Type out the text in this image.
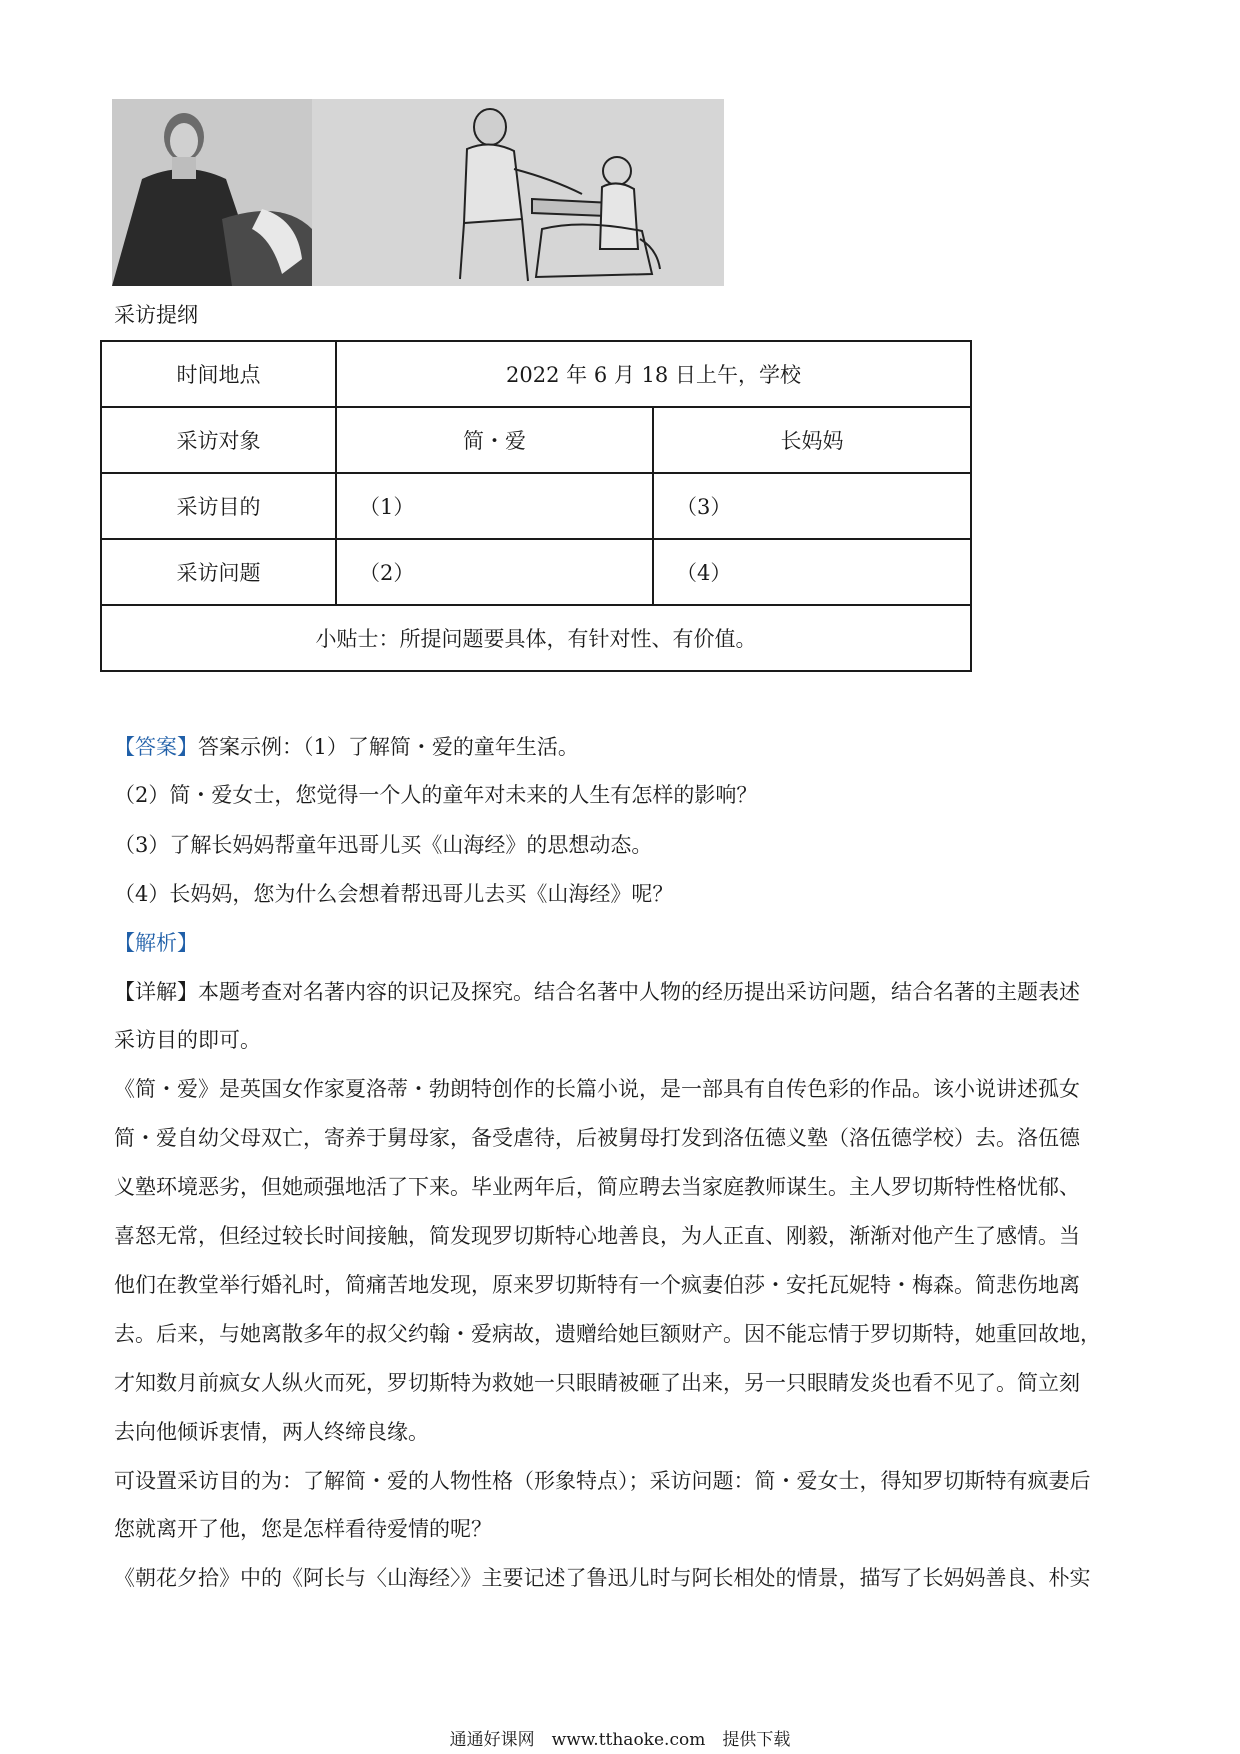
采访提纲
时间地点	2022 年 6 月 18 日上午，学校	
采访对象	简・爱	长妈妈
采访目的	（1）	（3）
采访问题	（2）	（4）
小贴士：所提问题要具体，有针对性、有价值。		
【答案】答案示例：（1）了解简・爱的童年生活。
（2）简・爱女士，您觉得一个人的童年对未来的人生有怎样的影响？
（3）了解长妈妈帮童年迅哥儿买《山海经》的思想动态。
（4）长妈妈，您为什么会想着帮迅哥儿去买《山海经》呢？
【解析】
【详解】本题考查对名著内容的识记及探究。结合名著中人物的经历提出采访问题，结合名著的主题表述
采访目的即可。
《简・爱》是英国女作家夏洛蒂・勃朗特创作的长篇小说，是一部具有自传色彩的作品。该小说讲述孤女
简・爱自幼父母双亡，寄养于舅母家，备受虐待，后被舅母打发到洛伍德义塾（洛伍德学校）去。洛伍德
义塾环境恶劣，但她顽强地活了下来。毕业两年后，简应聘去当家庭教师谋生。主人罗切斯特性格忧郁、
喜怒无常，但经过较长时间接触，简发现罗切斯特心地善良，为人正直、刚毅，渐渐对他产生了感情。当
他们在教堂举行婚礼时，简痛苦地发现，原来罗切斯特有一个疯妻伯莎・安托瓦妮特・梅森。简悲伤地离
去。后来，与她离散多年的叔父约翰・爱病故，遗赠给她巨额财产。因不能忘情于罗切斯特，她重回故地，
才知数月前疯女人纵火而死，罗切斯特为救她一只眼睛被砸了出来，另一只眼睛发炎也看不见了。简立刻
去向他倾诉衷情，两人终缔良缘。
可设置采访目的为：了解简・爱的人物性格（形象特点）；采访问题：简・爱女士，得知罗切斯特有疯妻后
您就离开了他，您是怎样看待爱情的呢？
《朝花夕拾》中的《阿长与〈山海经〉》主要记述了鲁迅儿时与阿长相处的情景，描写了长妈妈善良、朴实
通通好课网　www.tthaoke.com　提供下载
